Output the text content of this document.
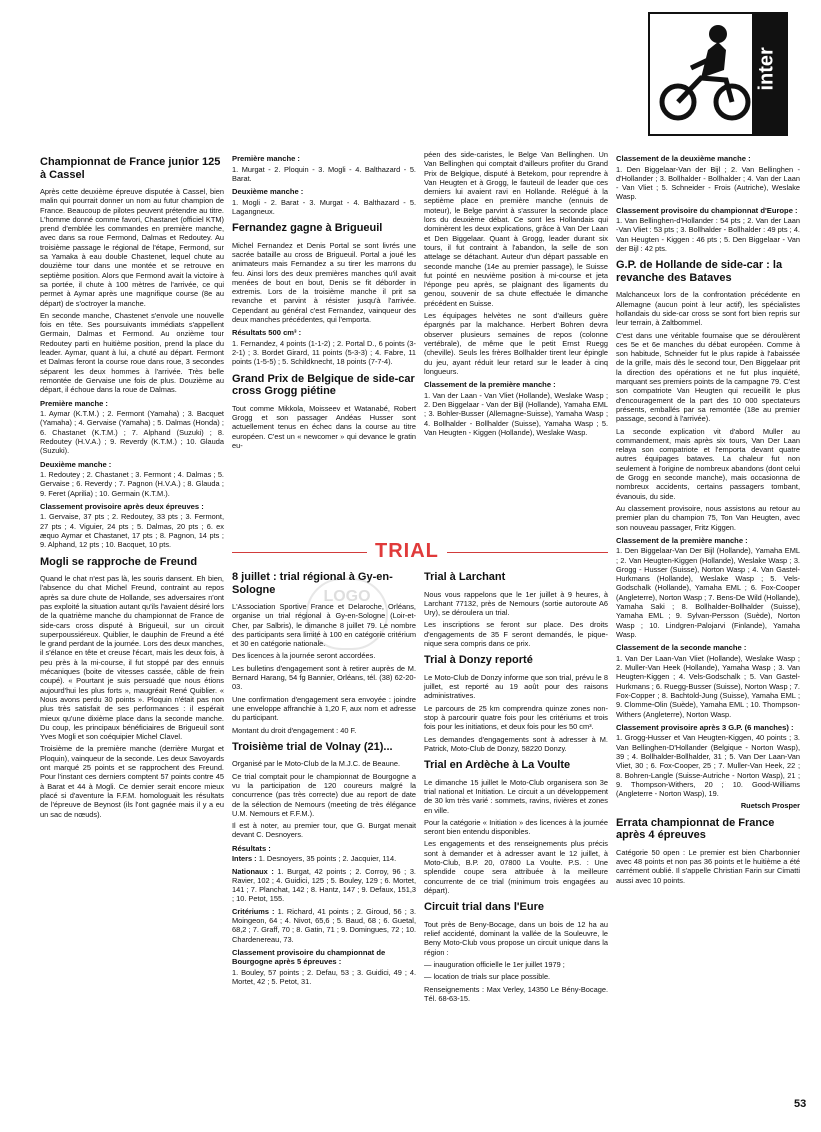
inter
Championnat de France junior 125 à Cassel

Après cette deuxième épreuve disputée à Cassel, bien malin qui pourrait donner un nom au futur champion de France. Beaucoup de pilotes peuvent prétendre au titre. L'homme donné comme favori, Chastanet (officiel KTM) prend d'emblée les commandes en première manche, avec dans sa roue Fermond, Dalmas et Redoutey. Au troisième passage le régional de l'étape, Fermond, sur sa Yamaka à eau double Chastenet, lequel chute au douzième tour dans une montée et se retrouve en septième position. Alors que Fermond avait la victoire à sa portée, il chute à 100 mètres de l'arrivée, ce qui permet à Aymar après une magnifique course (8e au départ) de s'octroyer la manche.

En seconde manche, Chastenet s'envole une nouvelle fois en tête. Ses poursuivants immédiats s'appellent Germain, Dalmas et Fermond. Au onzième tour Redoutey parti en huitième position, prend la place du leader. Aymar, quant à lui, a chuté au départ. Fermont et Dalmas feront la course roue dans roue, 3 secondes séparent les deux hommes à l'arrivée. Très belle remontée de Gervaise une fois de plus. Douzième au départ, il échoue dans la roue de Dalmas.

Première manche :

1. Aymar (K.T.M.) ; 2. Fermont (Yamaha) ; 3. Bacquet (Yamaha) ; 4. Gervaise (Yamaha) ; 5. Dalmas (Honda) ; 6. Chastanet (K.T.M.) ; 7. Alphand (Suzuki) ; 8. Redoutey (H.V.A.) ; 9. Reverdy (K.T.M.) ; 10. Glauda (Suzuki).

Deuxième manche :

1. Redoutey ; 2. Chastanet ; 3. Fermont ; 4. Dalmas ; 5. Gervaise ; 6. Reverdy ; 7. Pagnon (H.V.A.) ; 8. Glauda ; 9. Feret (Aprilia) ; 10. Germain (K.T.M.).

Classement provisoire après deux épreuves :

1. Gervaise, 37 pts ; 2. Redoutey, 33 pts ; 3. Fermont, 27 pts ; 4. Viguier, 24 pts ; 5. Dalmas, 20 pts ; 6. ex æquo Aymar et Chastanet, 17 pts ; 8. Pagnon, 14 pts ; 9. Alphand, 12 pts ; 10. Bacquet, 10 pts.

Mogli se rapproche de Freund

Quand le chat n'est pas là, les souris dansent. Eh bien, l'absence du chat Michel Freund, contraint au repos après sa dure chute de Hollande, ses adversaires n'ont pas exploité la situation autant qu'ils l'avaient désiré lors de la quatrième manche du championnat de France de side-cars cross disputé à Brigueuil, sur un circuit superpoussiéreux. Quiblier, le dauphin de Freund a été le grand perdant de la journée. Lors des deux manches, il s'élance en tête et creuse l'écart, mais les deux fois, à peu près à la mi-course, il fut stoppé par des ennuis mécaniques (boite de vitesses cassée, câble de frein coupé). « Pourtant je suis persuadé que nous étions aujourd'hui les plus forts », maugréait René Quiblier. « Nous avons perdu 30 points ». Ploquin n'était pas non plus très satisfait de ses performances : il espérait mieux qu'une dixième place dans la seconde manche. Du coup, les principaux bénéficiaires de Brigueuil sont Yves Mogli et son coéquipier Michel Clavel.

Troisième de la première manche (derrière Murgat et Ploquin), vainqueur de la seconde. Les deux Savoyards ont marqué 25 points et se rapprochent des Freund. Pour l'instant ces derniers comptent 57 points contre 45 à Barat et 44 à Mogli. Ce dernier serait encore mieux placé si d'aventure la F.F.M. homologuait les résultats de l'épreuve de Beynost (ils l'ont gagnée mais il y a eu un sac de nœuds).

Première manche :

1. Murgat - 2. Ploquin - 3. Mogli - 4. Balthazard - 5. Barat.

Deuxième manche :

1. Mogli - 2. Barat - 3. Murgat - 4. Balthazard - 5. Lagangneux.

Fernandez gagne à Brigueuil

Michel Fernandez et Denis Portal se sont livrés une sacrée bataille au cross de Brigueuil. Portal a joué les animateurs mais Fernandez a su tirer les marrons du feu. Ainsi lors des deux premières manches qu'il avait menées de bout en bout, Denis se fit déborder in extremis. Lors de la troisième manche il prit sa revanche et parvint à résister jusqu'à l'arrivée. Cependant au général c'est Fernandez, vainqueur des deux manches précédentes, qui l'emporta.

Résultats 500 cm³ :

1. Fernandez, 4 points (1-1-2) ; 2. Portal D., 6 points (3-2-1) ; 3. Bordet Girard, 11 points (5-3-3) ; 4. Fabre, 11 points (1-5-5) ; 5. Schildknecht, 18 points (7-7-4).

Grand Prix de Belgique de side-car cross Grogg piétine

Tout comme Mikkola, Moisseev et Watanabé, Robert Grogg et son passager Andéas Husser sont actuellement tenus en échec dans la course au titre européen. C'est un « newcomer » qui devance le gratin eu-

péen des side-caristes, le Belge Van Bellinghen. Un Van Bellinghen qui comptait d'ailleurs profiter du Grand Prix de Belgique, disputé à Betekom, pour reprendre à Van Heugten et à Grogg, le fauteuil de leader que ces derniers lui avaient ravi en Hollande. Relégué à la septième place en première manche (ennuis de moteur), le Belge parvint à s'assurer la seconde place lors du deuxième débat. Ce sont les Hollandais qui dominèrent les deux explications, grâce à Van Der Laan et Den Biggelaar. Quant à Grogg, leader durant six tours, il fut contraint à l'abandon, la selle de son attelage se détachant. Auteur d'un départ passable en seconde manche (14e au premier passage), le Suisse fut pointé en neuvième position à mi-course et jeta l'éponge peu après, se plaignant des ligaments du genou, souvenir de sa chute effectuée le dimanche précédent en Suisse.

Les équipages helvètes ne sont d'ailleurs guère épargnés par la malchance. Herbert Bohren devra observer plusieurs semaines de repos (colonne vertébrale), de même que le petit Ernst Ruegg (cheville). Seuls les frères Bollhalder tirent leur épingle du jeu, ayant réduit leur retard sur le leader à cinq longueurs.

Classement de la première manche :

1. Van der Laan - Van Vliet (Hollande), Weslake Wasp ; 2. Den Biggelaar - Van der Bijl (Hollande), Yamaha EML ; 3. Bohler-Busser (Allemagne-Suisse), Yamaha Wasp ; 4. Bollhalder - Bollhalder (Suisse), Yamaha Wasp ; 5. Van Heugten - Kiggen (Hollande), Weslake Wasp.

TRIAL
LOGO
8 juillet : trial régional à Gy-en-Sologne

L'Association Sportive France et Delaroche, Orléans, organise un trial régional à Gy-en-Sologne (Loir-et-Cher, par Salbris), le dimanche 8 juillet 79. Le nombre des participants sera limité à 100 en catégorie critérium et 30 en catégorie nationale.

Des licences à la journée seront accordées.

Les bulletins d'engagement sont à retirer auprès de M. Bernard Harang, 54 fg Bannier, Orléans, tél. (38) 62-20-03.

Une confirmation d'engagement sera envoyée : joindre une enveloppe affranchie à 1,20 F, aux nom et adresse du participant.

Montant du droit d'engagement : 40 F.

Troisième trial de Volnay (21)...

Organisé par le Moto-Club de la M.J.C. de Beaune.

Ce trial comptait pour le championnat de Bourgogne a vu la participation de 120 coureurs malgré la concurrence (pas très correcte) due au report de date de la sélection de Nemours (meeting de très élégance U.M. Nemours et F.F.M.).

Il est à noter, au premier tour, que G. Burgat menait devant C. Desnoyers.

Résultats :

Inters : 1. Desnoyers, 35 points ; 2. Jacquier, 114.

Nationaux : 1. Burgat, 42 points ; 2. Corroy, 96 ; 3. Ravier, 102 ; 4. Guidici, 125 ; 5. Bouley, 129 ; 6. Mortet, 141 ; 7. Planchat, 142 ; 8. Hantz, 147 ; 9. Defaux, 151,3 ; 10. Petot, 155.

Critériums : 1. Richard, 41 points ; 2. Giroud, 56 ; 3. Moingeon, 64 ; 4. Nivot, 65,6 ; 5. Baud, 68 ; 6. Guetal, 68,2 ; 7. Graff, 70 ; 8. Gatin, 71 ; 9. Domingues, 72 ; 10. Chardenereau, 73.

Classement provisoire du championnat de Bourgogne après 5 épreuves :

1. Bouley, 57 points ; 2. Defau, 53 ; 3. Guidici, 49 ; 4. Mortet, 42 ; 5. Petot, 31.

Trial à Larchant

Nous vous rappelons que le 1er juillet à 9 heures, à Larchant 77132, près de Nemours (sortie autoroute A6 Ury), se déroulera un trial.

Les inscriptions se feront sur place. Des droits d'engagements de 35 F seront demandés, le pique-nique sera compris dans ce prix.

Trial à Donzy reporté

Le Moto-Club de Donzy informe que son trial, prévu le 8 juillet, est reporté au 19 août pour des raisons administratives.

Le parcours de 25 km comprendra quinze zones non-stop à parcourir quatre fois pour les critériums et trois fois pour les initiations, et deux fois pour les 50 cm³.

Les demandes d'engagements sont à adresser à M. Patrick, Moto-Club de Donzy, 58220 Donzy.

Trial en Ardèche à La Voulte

Le dimanche 15 juillet le Moto-Club organisera son 3e trial national et Initiation. Le circuit a un développement de 30 km très varié : sommets, ravins, rivières et zones en ville.

Pour la catégorie « Initiation » des licences à la journée seront bien entendu disponibles.

Les engagements et des renseignements plus précis sont à demander et à adresser avant le 12 juillet, à Moto-Club, B.P. 20, 07800 La Voulte. P.S. : Une splendide coupe sera attribuée à la meilleure concurrente de ce trial (minimum trois engagées au départ).

Circuit trial dans l'Eure

Tout près de Beny-Bocage, dans un bois de 12 ha au relief accidenté, dominant la vallée de la Souleuvre, le Beny Moto-Club vous propose un circuit unique dans la région :

— inauguration officielle le 1er juillet 1979 ;

— location de trials sur place possible.

Renseignements : Max Verley, 14350 Le Bény-Bocage. Tél. 68-63-15.

Classement de la deuxième manche :

1. Den Biggelaar-Van der Bijl ; 2. Van Bellinghen - d'Hollander ; 3. Bollhalder - Bollhalder ; 4. Van der Laan - Van Vliet ; 5. Schneider - Frois (Autriche), Weslake Wasp.

Classement provisoire du championnat d'Europe :

1. Van Bellinghen-d'Hollander : 54 pts ; 2. Van der Laan -Van Vliet : 53 pts ; 3. Bollhalder - Bollhalder : 49 pts ; 4. Van Heugten - Kiggen : 46 pts ; 5. Den Biggelaar - Van der Bijl : 42 pts.

G.P. de Hollande de side-car : la revanche des Bataves

Malchanceux lors de la confrontation précédente en Allemagne (aucun point à leur actif), les spécialistes hollandais du side-car cross se sont fort bien repris sur leur terrain, à Zaltbommel.

C'est dans une véritable fournaise que se déroulèrent ces 5e et 6e manches du débat européen. Comme à son habitude, Schneider fut le plus rapide à l'abaissée de la grille, mais dès le second tour, Den Biggelaar prit la direction des opérations et ne fut plus inquiété, marquant ses premiers points de la campagne 79. C'est son compatriote Van Heugten qui recueillit le plus d'encouragement de la part des 10 000 spectateurs présents, emballés par sa remontée (18e au premier passage, second à l'arrivée).

La seconde explication vit d'abord Muller au commandement, mais après six tours, Van Der Laan relaya son compatriote et l'emporta devant quatre autres équipages bataves. La chaleur fut non seulement à l'origine de nombreux abandons (dont celui de Grogg en seconde manche), mais occasionna de nombreux accidents, certains passagers tombant, évanouis, du side.

Au classement provisoire, nous assistons au retour au premier plan du champion 75, Ton Van Heugten, avec son nouveau passager, Fritz Kiggen.

Classement de la première manche :

1. Den Biggelaar-Van Der Bijl (Hollande), Yamaha EML ; 2. Van Heugten-Kiggen (Hollande), Weslake Wasp ; 3. Grogg - Husser (Suisse), Norton Wasp ; 4. Van Gastel-Hurkmans (Hollande), Weslake Wasp ; 5. Vels-Godschalk (Hollande), Yamaha EML ; 6. Fox-Cooper (Angleterre), Norton Wasp ; 7. Bens-De Wild (Hollande), Yamaha Saki ; 8. Bollhalder-Bollhalder (Suisse), Yamaha EML ; 9. Sylvan-Persson (Suède), Norton Wasp ; 10. Lindgren-Palojarvi (Finlande), Yamaha Wasp.

Classement de la seconde manche :

1. Van Der Laan-Van Vliet (Hollande), Weslake Wasp ; 2. Muller-Van Heek (Hollande), Yamaha Wasp ; 3. Van Heugten-Kiggen ; 4. Vels-Godschalk ; 5. Van Gastel-Hurkmans ; 6. Ruegg-Busser (Suisse), Norton Wasp ; 7. Fox-Copper ; 8. Bachtold-Jung (Suisse), Yamaha EML ; 9. Clomme-Olin (Suède), Yamaha EML ; 10. Thompson-Withers (Angleterre), Norton Wasp.

Classement provisoire après 3 G.P. (6 manches) :

1. Grogg-Husser et Van Heugten-Kiggen, 40 points ; 3. Van Bellinghen-D'Hollander (Belgique - Norton Wasp), 39 ; 4. Bollhalder-Bollhalder, 31 ; 5. Van Der Laan-Van Vliet, 30 ; 6. Fox-Cooper, 25 ; 7. Muller-Van Heek, 22 ; 8. Bohren-Langle (Suisse-Autriche - Norton Wasp), 21 ; 9. Thompson-Withers, 20 ; 10. Good-Williams (Angleterre - Norton Wasp), 19.

Ruetsch Prosper
Errata championnat de France après 4 épreuves

Catégorie 50 open : Le premier est bien Charbonnier avec 48 points et non pas 36 points et le huitième a été carrément oublié. Il s'appelle Christian Farin sur Cimatti aussi avec 10 points.

53
